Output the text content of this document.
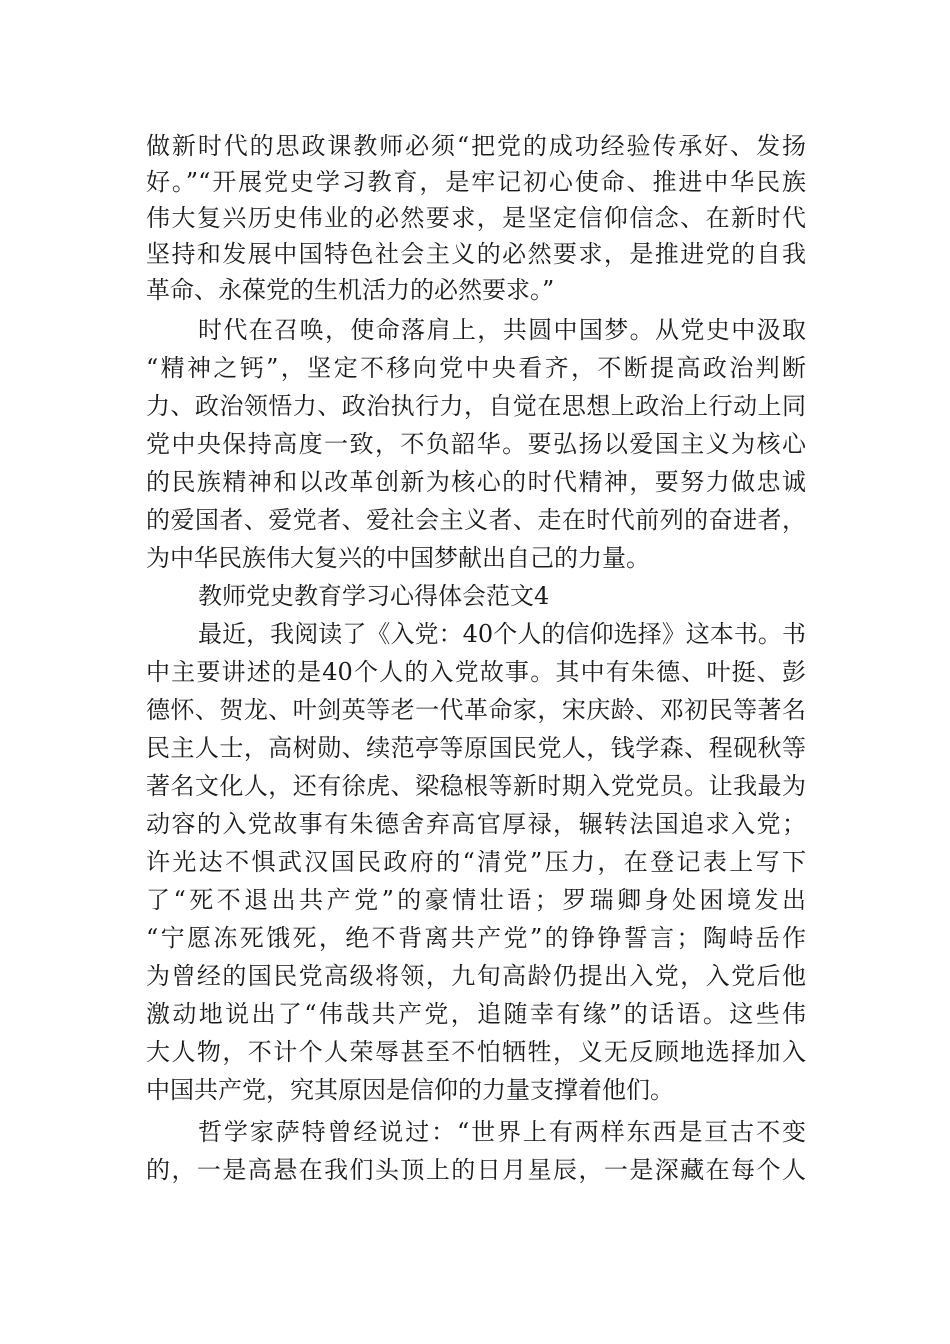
做新时代的思政课教师必须“把党的成功经验传承好、发扬
好。”“开展党史学习教育，是牢记初心使命、推进中华民族
伟大复兴历史伟业的必然要求，是坚定信仰信念、在新时代
坚持和发展中国特色社会主义的必然要求，是推进党的自我
革命、永葆党的生机活力的必然要求。”
时代在召唤，使命落肩上，共圆中国梦。从党史中汲取
“精神之钙”，坚定不移向党中央看齐，不断提高政治判断
力、政治领悟力、政治执行力，自觉在思想上政治上行动上同
党中央保持高度一致，不负韶华。要弘扬以爱国主义为核心
的民族精神和以改革创新为核心的时代精神，要努力做忠诚
的爱国者、爱党者、爱社会主义者、走在时代前列的奋进者，
为中华民族伟大复兴的中国梦献出自己的力量。
教师党史教育学习心得体会范文4
最近，我阅读了《入党：40个人的信仰选择》这本书。书
中主要讲述的是40个人的入党故事。其中有朱德、叶挺、彭
德怀、贺龙、叶剑英等老一代革命家，宋庆龄、邓初民等著名
民主人士，高树勋、续范亭等原国民党人，钱学森、程砚秋等
著名文化人，还有徐虎、梁稳根等新时期入党党员。让我最为
动容的入党故事有朱德舍弃高官厚禄，辗转法国追求入党；
许光达不惧武汉国民政府的“清党”压力，在登记表上写下
了“死不退出共产党”的豪情壮语；罗瑞卿身处困境发出
“宁愿冻死饿死，绝不背离共产党”的铮铮誓言；陶峙岳作
为曾经的国民党高级将领，九旬高龄仍提出入党，入党后他
激动地说出了“伟哉共产党，追随幸有缘”的话语。这些伟
大人物，不计个人荣辱甚至不怕牺牲，义无反顾地选择加入
中国共产党，究其原因是信仰的力量支撑着他们。
哲学家萨特曾经说过：“世界上有两样东西是亘古不变
的，一是高悬在我们头顶上的日月星辰，一是深藏在每个人
